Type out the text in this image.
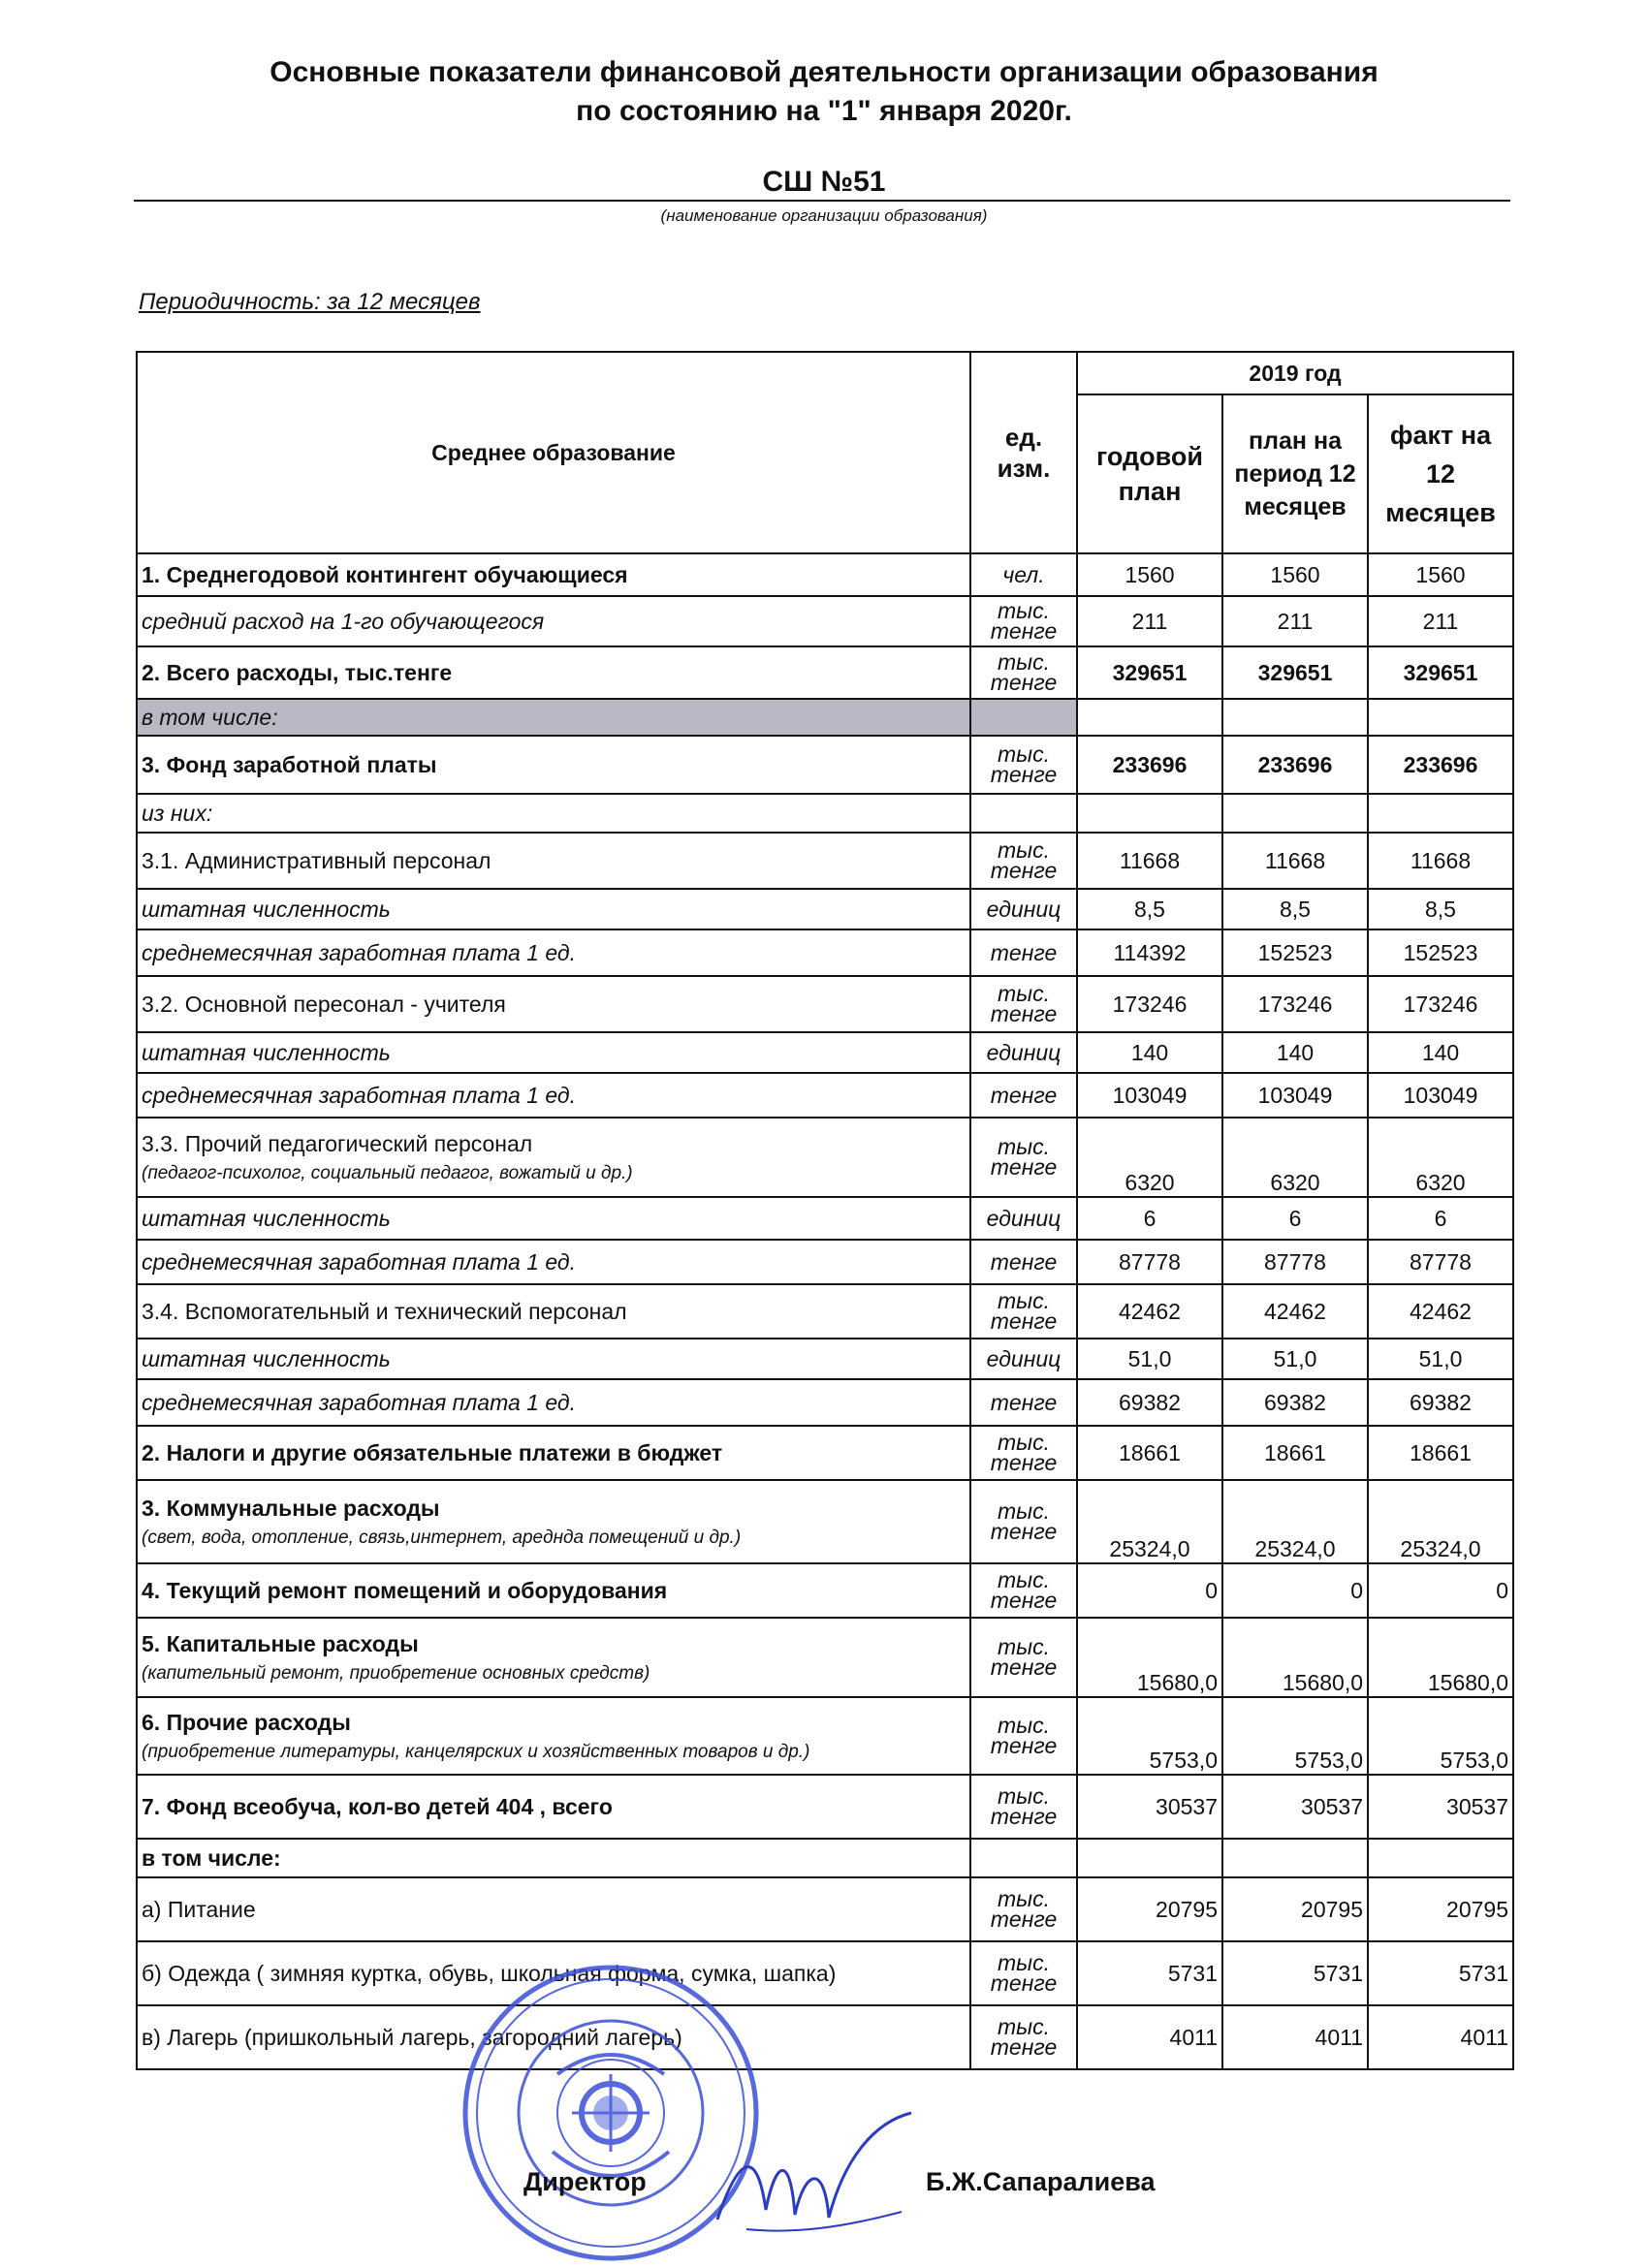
Основные показатели финансовой деятельности организации образования
по состоянию на "1" января 2020г.
СШ №51
(наименование организации образования)
Периодичность: за 12 месяцев
Среднее образование	ед. изм.	2019 год		
		годовой план	план на период 12 месяцев	факт на 12 месяцев
1. Среднегодовой контингент обучающиеся	чел.	1560	1560	1560
средний расход на 1-го обучающегося	тыс. тенге	211	211	211
2. Всего расходы, тыс.тенге	тыс. тенге	329651	329651	329651
в том числе:				
3. Фонд заработной платы	тыс. тенге	233696	233696	233696
из них:				
3.1. Административный персонал	тыс. тенге	11668	11668	11668
штатная численность	единиц	8,5	8,5	8,5
среднемесячная заработная плата 1 ед.	тенге	114392	152523	152523
3.2. Основной пересонал - учителя	тыс. тенге	173246	173246	173246
штатная численность	единиц	140	140	140
среднемесячная заработная плата 1 ед.	тенге	103049	103049	103049
3.3. Прочий педагогический персонал
(педагог-психолог, социальный педагог, вожатый и др.)	тыс. тенге	6320	6320	6320
штатная численность	единиц	6	6	6
среднемесячная заработная плата 1 ед.	тенге	87778	87778	87778
3.4. Вспомогательный и технический персонал	тыс. тенге	42462	42462	42462
штатная численность	единиц	51,0	51,0	51,0
среднемесячная заработная плата 1 ед.	тенге	69382	69382	69382
2. Налоги и другие обязательные платежи в бюджет	тыс. тенге	18661	18661	18661
3. Коммунальные расходы
(свет, вода, отопление, связь,интернет, арeднда помещений и др.)	тыс. тенге	25324,0	25324,0	25324,0
4. Текущий ремонт помещений и оборудования	тыс. тенге	0	0	0
5. Капитальные расходы
(капительный ремонт, приобретение основных средств)	тыс. тенге	15680,0	15680,0	15680,0
6. Прочие расходы
(приобретение литературы, канцелярских и хозяйственных товаров и др.)	тыс. тенге	5753,0	5753,0	5753,0
7. Фонд всеобуча, кол-во детей 404 , всего	тыс. тенге	30537	30537	30537
в том числе:				
а) Питание	тыс. тенге	20795	20795	20795
б) Одежда ( зимняя куртка, обувь, школьная форма, сумка, шапка)	тыс. тенге	5731	5731	5731
в) Лагерь (пришкольный лагерь, загородний лагерь)	тыс. тенге	4011	4011	4011
Директор	Б.Ж.Сапаралиева
